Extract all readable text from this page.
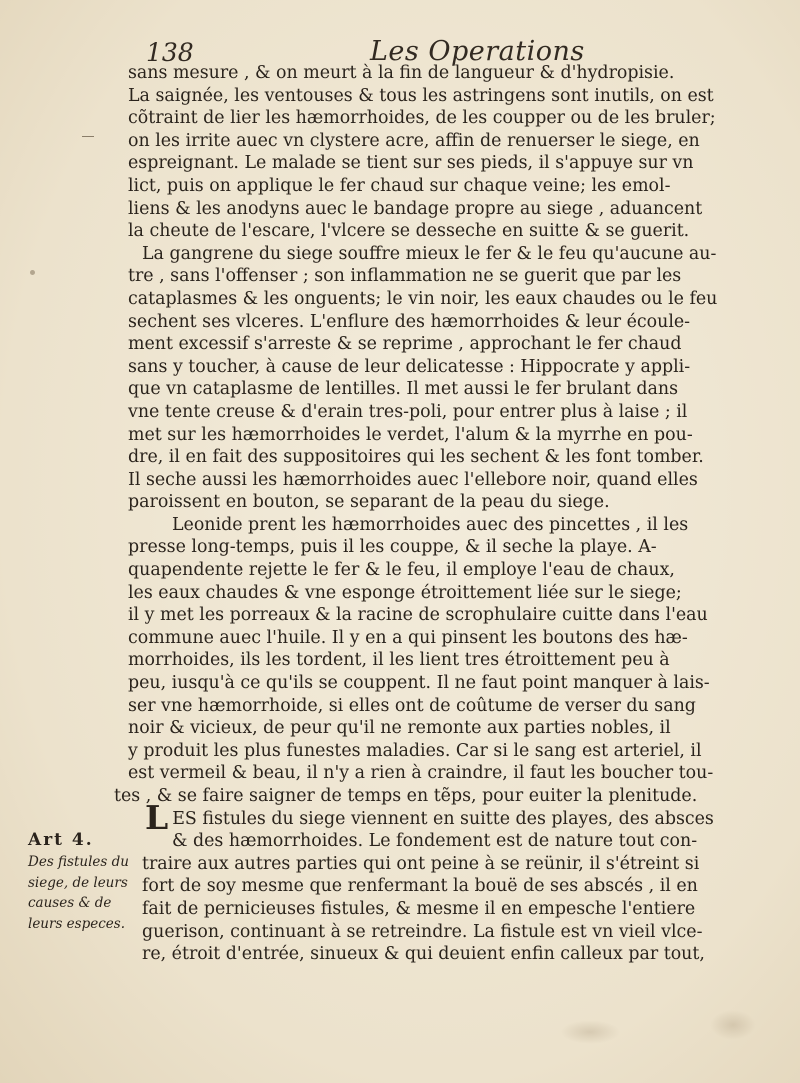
138	Les Operations
sans mesure , & on meurt à la fin de langueur & d'hydropisie.
La saignée, les ventouses & tous les astringens sont inutils, on est
cõtraint de lier les hæmorrhoides, de les coupper ou de les bruler;
on les irrite auec vn clystere acre, affin de renuerser le siege, en
espreignant. Le malade se tient sur ses pieds, il s'appuye sur vn
lict, puis on applique le fer chaud sur chaque veine; les emol-
liens & les anodyns auec le bandage propre au siege , aduancent
la cheute de l'escare, l'vlcere se desseche en suitte & se guerit.
La gangrene du siege souffre mieux le fer & le feu qu'aucune au-
tre , sans l'offenser ; son inflammation ne se guerit que par les
cataplasmes & les onguents; le vin noir, les eaux chaudes ou le feu
sechent ses vlceres. L'enflure des hæmorrhoides & leur écoule-
ment excessif s'arreste & se reprime , approchant le fer chaud
sans y toucher, à cause de leur delicatesse : Hippocrate y appli-
que vn cataplasme de lentilles. Il met aussi le fer brulant dans
vne tente creuse & d'erain tres-poli, pour entrer plus à laise ; il
met sur les hæmorrhoides le verdet, l'alum & la myrrhe en pou-
dre, il en fait des suppositoires qui les sechent & les font tomber.
Il seche aussi les hæmorrhoides auec l'ellebore noir, quand elles
paroissent en bouton, se separant de la peau du siege.
Leonide prent les hæmorrhoides auec des pincettes , il les
presse long-temps, puis il les couppe, & il seche la playe. A-
quapendente rejette le fer & le feu, il employe l'eau de chaux,
les eaux chaudes & vne esponge étroittement liée sur le siege;
il y met les porreaux & la racine de scrophulaire cuitte dans l'eau
commune auec l'huile. Il y en a qui pinsent les boutons des hæ-
morrhoides, ils les tordent, il les lient tres étroittement peu à
peu, iusqu'à ce qu'ils se couppent. Il ne faut point manquer à lais-
ser vne hæmorrhoide, si elles ont de coûtume de verser du sang
noir & vicieux, de peur qu'il ne remonte aux parties nobles, il
y produit les plus funestes maladies. Car si le sang est arteriel, il
est vermeil & beau, il n'y a rien à craindre, il faut les boucher tou-
tes , & se faire saigner de temps en tẽps, pour euiter la plenitude.
LES fistules du siege viennent en suitte des playes, des absces
& des hæmorrhoides. Le fondement est de nature tout con-
traire aux autres parties qui ont peine à se reünir, il s'étreint si
fort de soy mesme que renfermant la bouë de ses abscés , il en
fait de pernicieuses fistules, & mesme il en empesche l'entiere
guerison, continuant à se retreindre. La fistule est vn vieil vlce-
re, étroit d'entrée, sinueux & qui deuient enfin calleux par tout,
Art 4.
Des fistules du
siege, de leurs
causes & de
leurs especes.
